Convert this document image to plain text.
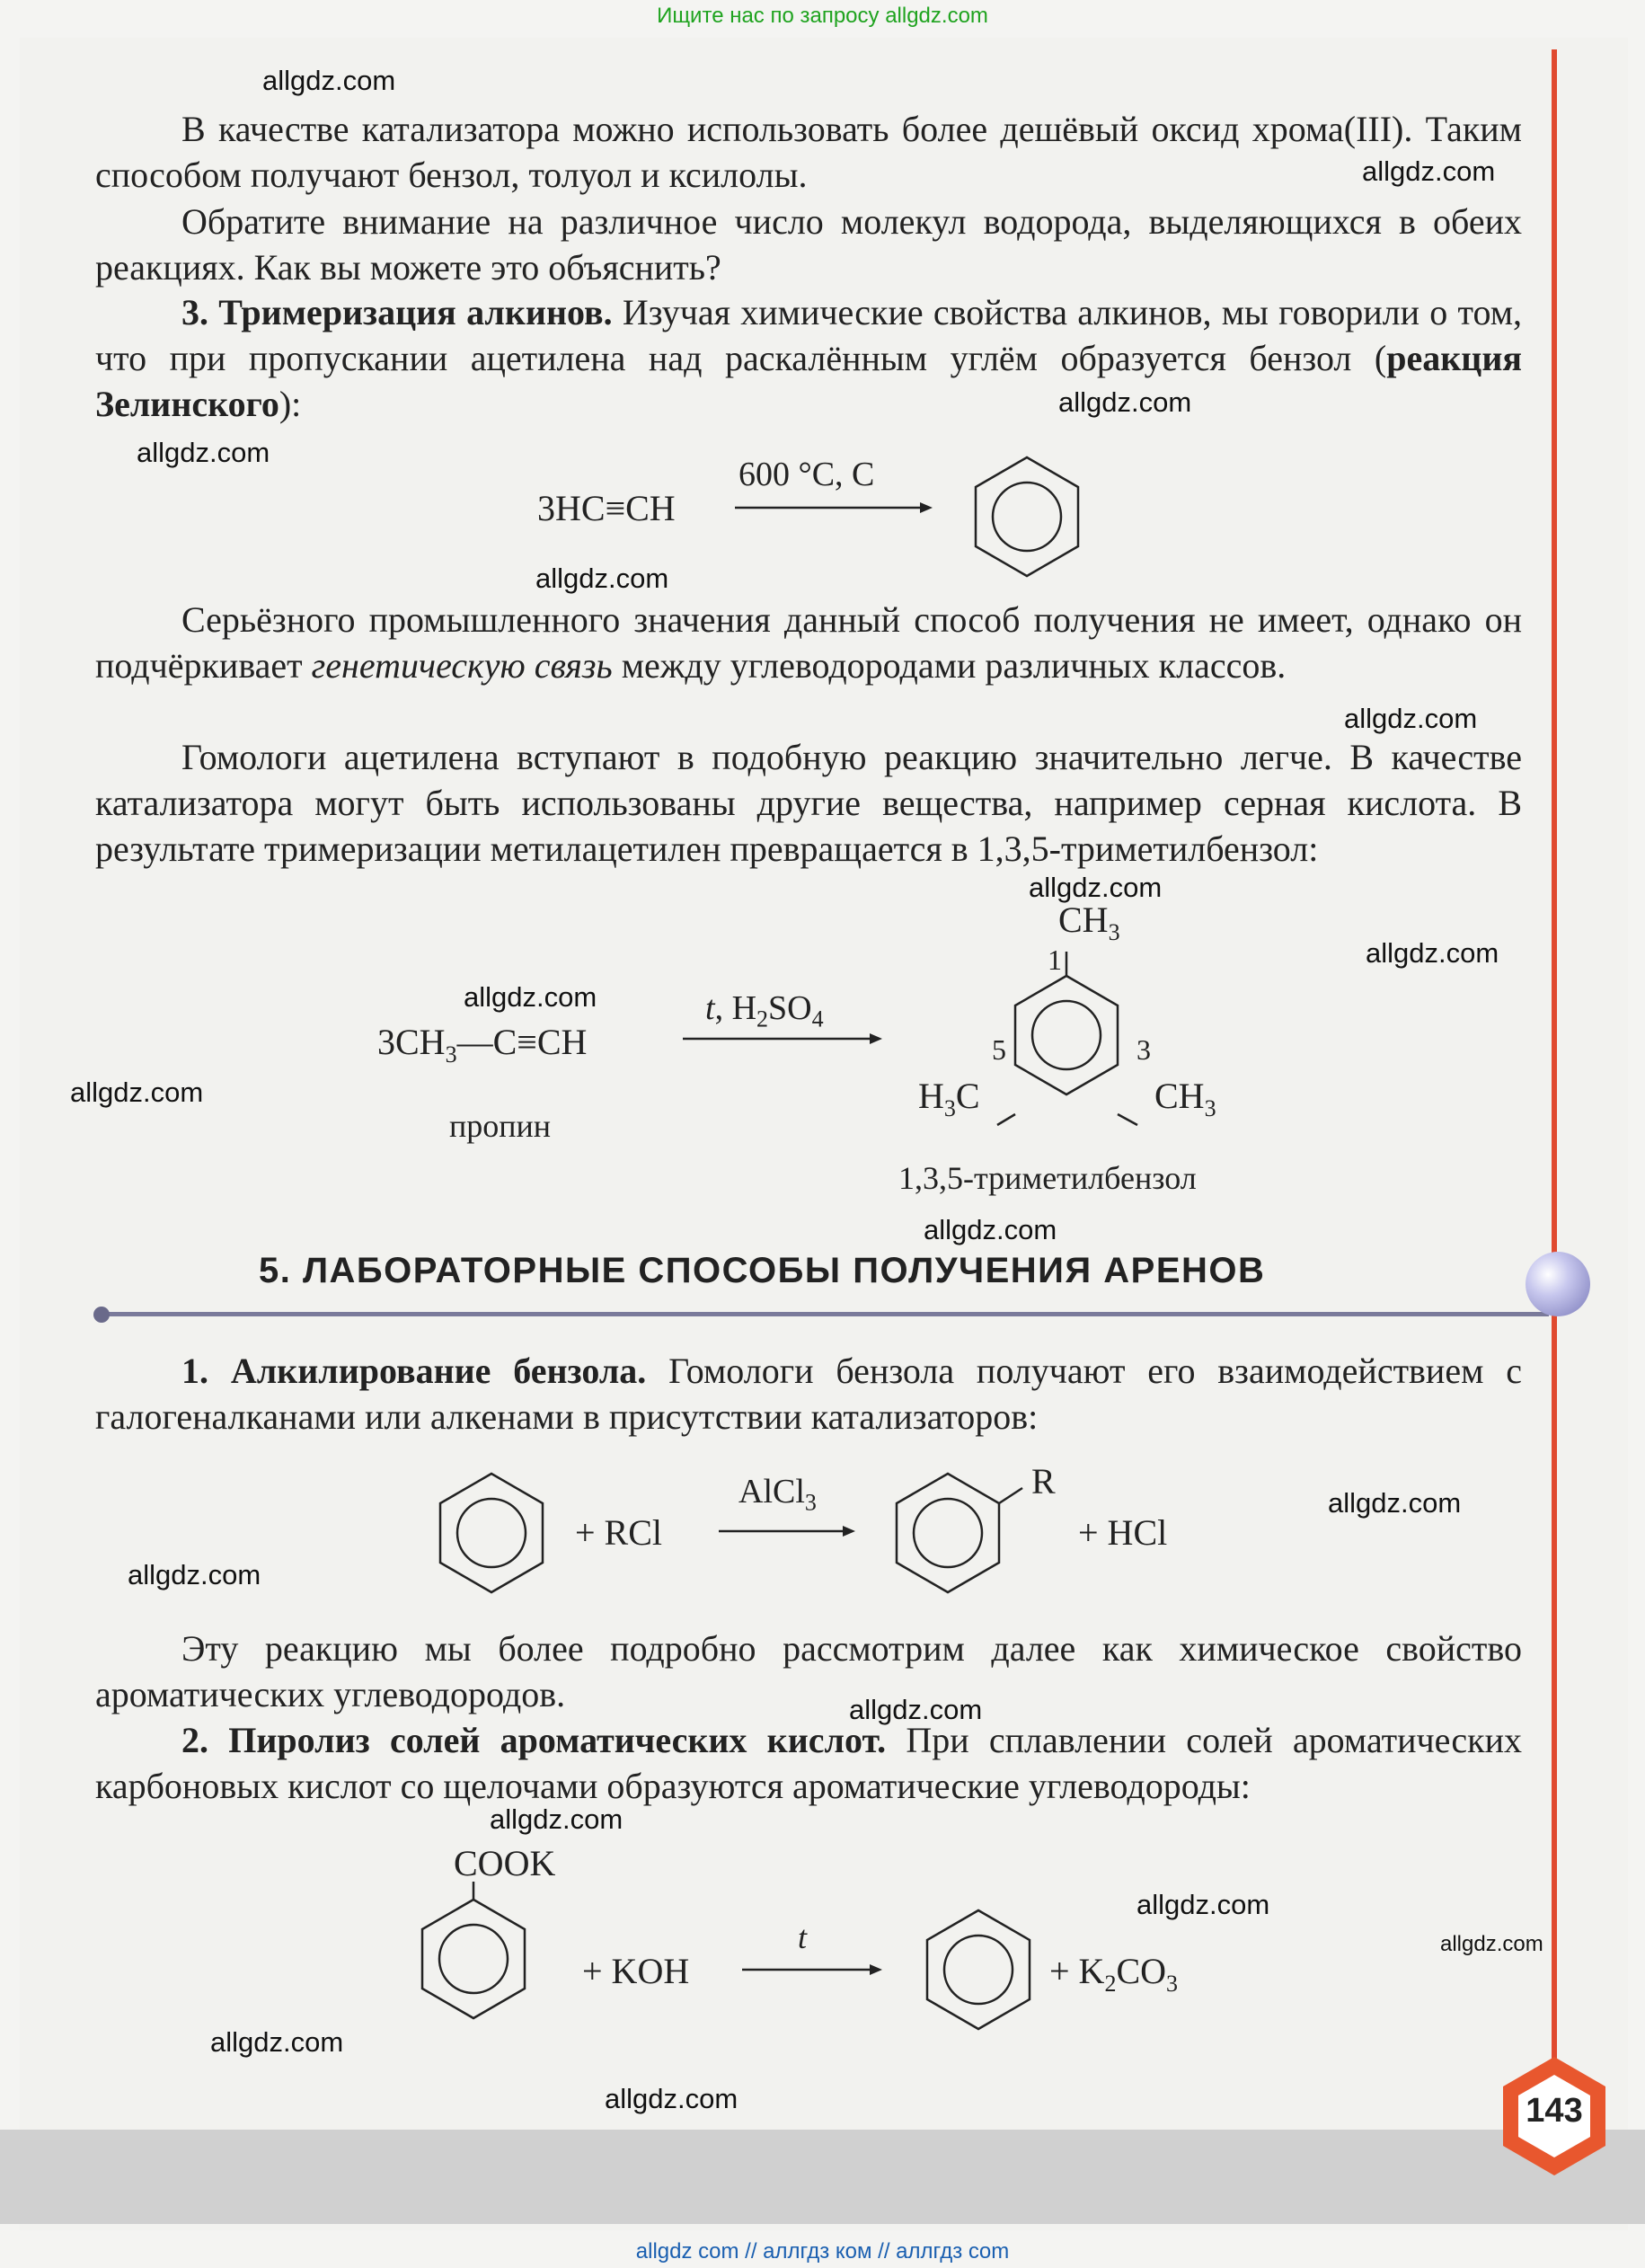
Ищите нас по запросу allgdz.com
В качестве катализатора можно использовать более дешёвый оксид хрома(III). Таким способом получают бензол, толуол и ксилолы.
Обратите внимание на различное число молекул водорода, выделяющихся в обеих реакциях. Как вы можете это объяснить?
3. Тримеризация алкинов. Изучая химические свойства алкинов, мы говорили о том, что при пропускании ацетилена над раскалённым углём образуется бензол (реакция Зелинского):
3HC≡CH
600 °C, C
Серьёзного промышленного значения данный способ получения не имеет, однако он подчёркивает генетическую связь между углеводородами различных классов.
Гомологи ацетилена вступают в подобную реакцию значительно легче. В качестве катализатора могут быть использованы другие вещества, например серная кислота. В результате тримеризации метилацетилен превращается в 1,3,5-триметилбензол:
$3CH_3—C\equiv CH$
t, $H_2SO_4$
пропин
$CH_3$
$H_3C$	$CH_3$
1
3
5
1,3,5-триметилбензол
5. ЛАБОРАТОРНЫЕ СПОСОБЫ ПОЛУЧЕНИЯ АРЕНОВ
1. Алкилирование бензола. Гомологи бензола получают его взаимодействием с галогеналканами или алкенами в присутствии катализаторов:
+ RCl
AlCl$_3$
R
+ HCl
Эту реакцию мы более подробно рассмотрим далее как химическое свойство ароматических углеводородов.
2. Пиролиз солей ароматических кислот. При сплавлении солей ароматических карбоновых кислот со щелочами образуются ароматические углеводороды:
COOK
+ KOH
t
+ $K_2CO_3$
143
allgdz.com
allgdz.com
allgdz.com
allgdz.com
allgdz.com
allgdz.com
allgdz.com
allgdz.com
allgdz.com
allgdz.com
allgdz.com
allgdz.com
allgdz.com
allgdz.com
allgdz.com
allgdz.com
allgdz.com
allgdz.com
allgdz.com
allgdz com // аллгдз ком // аллгдз com
